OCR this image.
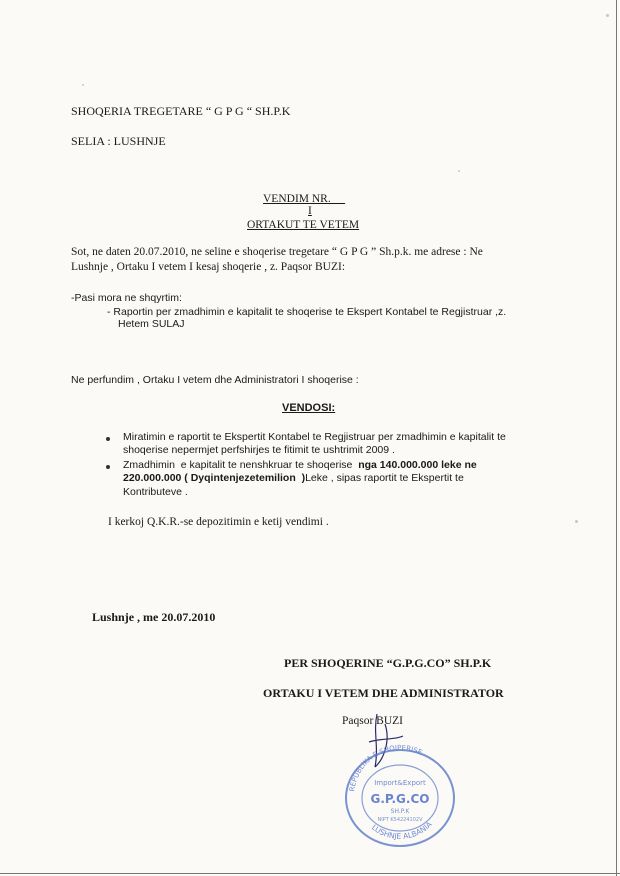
SHOQERIA TREGETARE “ G P G “ SH.P.K
SELIA : LUSHNJE
VENDIM NR.
I
ORTAKUT TE VETEM
Sot, ne daten 20.07.2010, ne seline e shoqerise tregetare “ G P G ” Sh.p.k. me adrese : Ne
Lushnje , Ortaku I vetem I kesaj shoqerie , z. Paqsor BUZI:
-Pasi mora ne shqyrtim:
- Raportin per zmadhimin e kapitalit te shoqerise te Ekspert Kontabel te Regjistruar ,z.
Hetem SULAJ
Ne perfundim , Ortaku I vetem dhe Administratori I shoqerise :
VENDOSI:
Miratimin e raportit te Ekspertit Kontabel te Regjistruar per zmadhimin e kapitalit te
shoqerise nepermjet perfshirjes te fitimit te ushtrimit 2009 .
Zmadhimin  e kapitalit te nenshkruar te shoqerise  nga 140.000.000 leke ne
220.000.000 ( Dyqintenjezetemilion  )Leke , sipas raportit te Ekspertit te
Kontributeve .
I kerkoj Q.K.R.-se depozitimin e ketij vendimi .
Lushnje , me 20.07.2010
PER SHOQERINE “G.P.G.CO” SH.P.K
ORTAKU I VETEM DHE ADMINISTRATOR
Paqsor BUZI
REPUBLIKA E SHQIPERISE
LUSHNJE ALBANIA
Import&Export
G.P.G.CO
SH.P.K
NIPT K54224102V
